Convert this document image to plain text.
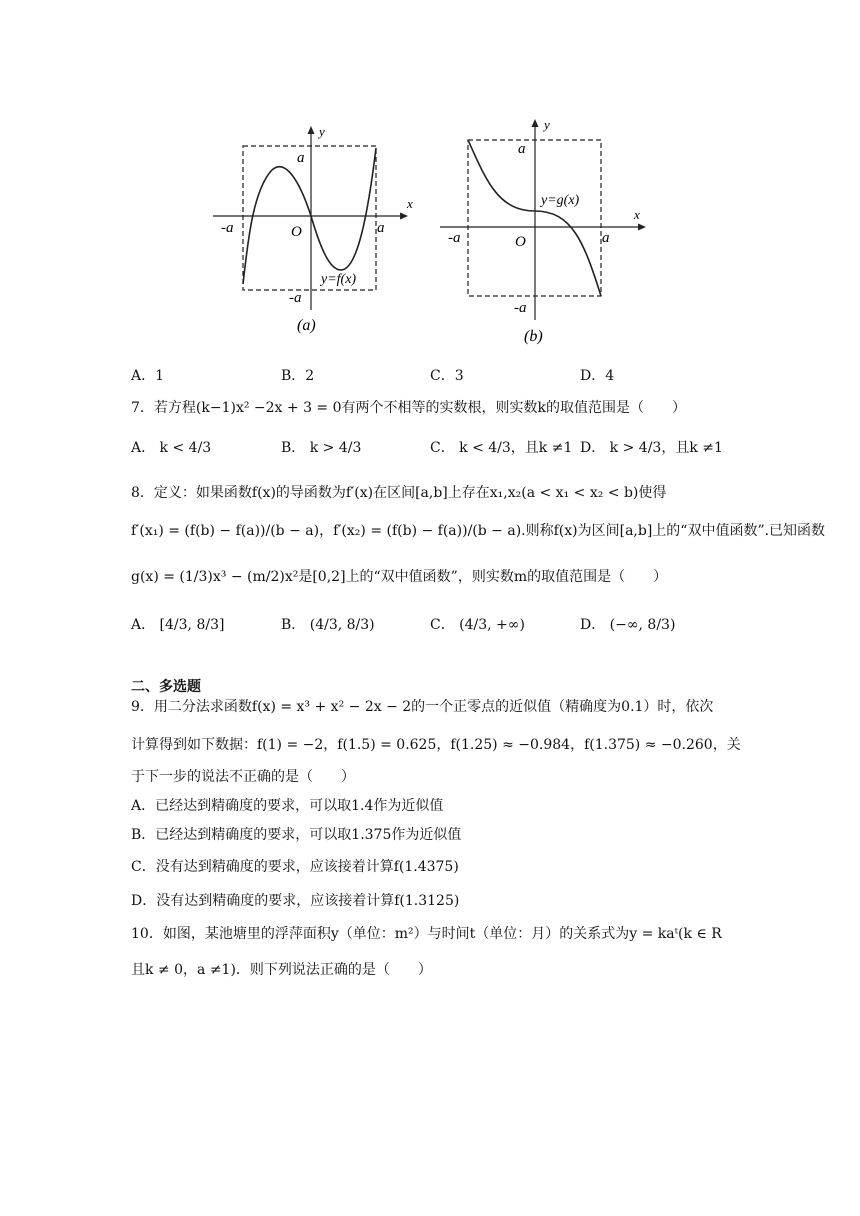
y
x
a
-a	a
O
-a
y=f(x)
(a)
y
x
a
y=g(x)
-a	a
O
-a
(b)
A．1	B．2	C．3	D．4
7．若方程(k−1)x² −2x + 3 = 0有两个不相等的实数根，则实数k的取值范围是（　　）
A． k < 4/3	B． k > 4/3	C． k < 4/3，且k ≠1 D． k > 4/3，且k ≠1
8．定义：如果函数f(x)的导函数为f′(x)在区间[a,b]上存在x₁,x₂(a < x₁ < x₂ < b)使得
f′(x₁) = (f(b) − f(a))/(b − a)，f′(x₂) = (f(b) − f(a))/(b − a).则称f(x)为区间[a,b]上的“双中值函数”.已知函数
g(x) = (1/3)x³ − (m/2)x²是[0,2]上的“双中值函数”，则实数m的取值范围是（　　）
A． [4/3, 8/3]	B． (4/3, 8/3)	C． (4/3, +∞)	D． (−∞, 8/3)
二、多选题
9．用二分法求函数f(x) = x³ + x² − 2x − 2的一个正零点的近似值（精确度为0.1）时，依次
计算得到如下数据：f(1) = −2，f(1.5) = 0.625，f(1.25) ≈ −0.984，f(1.375) ≈ −0.260，关
于下一步的说法不正确的是（　　）
A．已经达到精确度的要求，可以取1.4作为近似值
B．已经达到精确度的要求，可以取1.375作为近似值
C．没有达到精确度的要求，应该接着计算f(1.4375)
D．没有达到精确度的要求，应该接着计算f(1.3125)
10．如图，某池塘里的浮萍面积y（单位：m²）与时间t（单位：月）的关系式为y = kaᵗ(k ∈ R
且k ≠ 0，a ≠1)．则下列说法正确的是（　　）
